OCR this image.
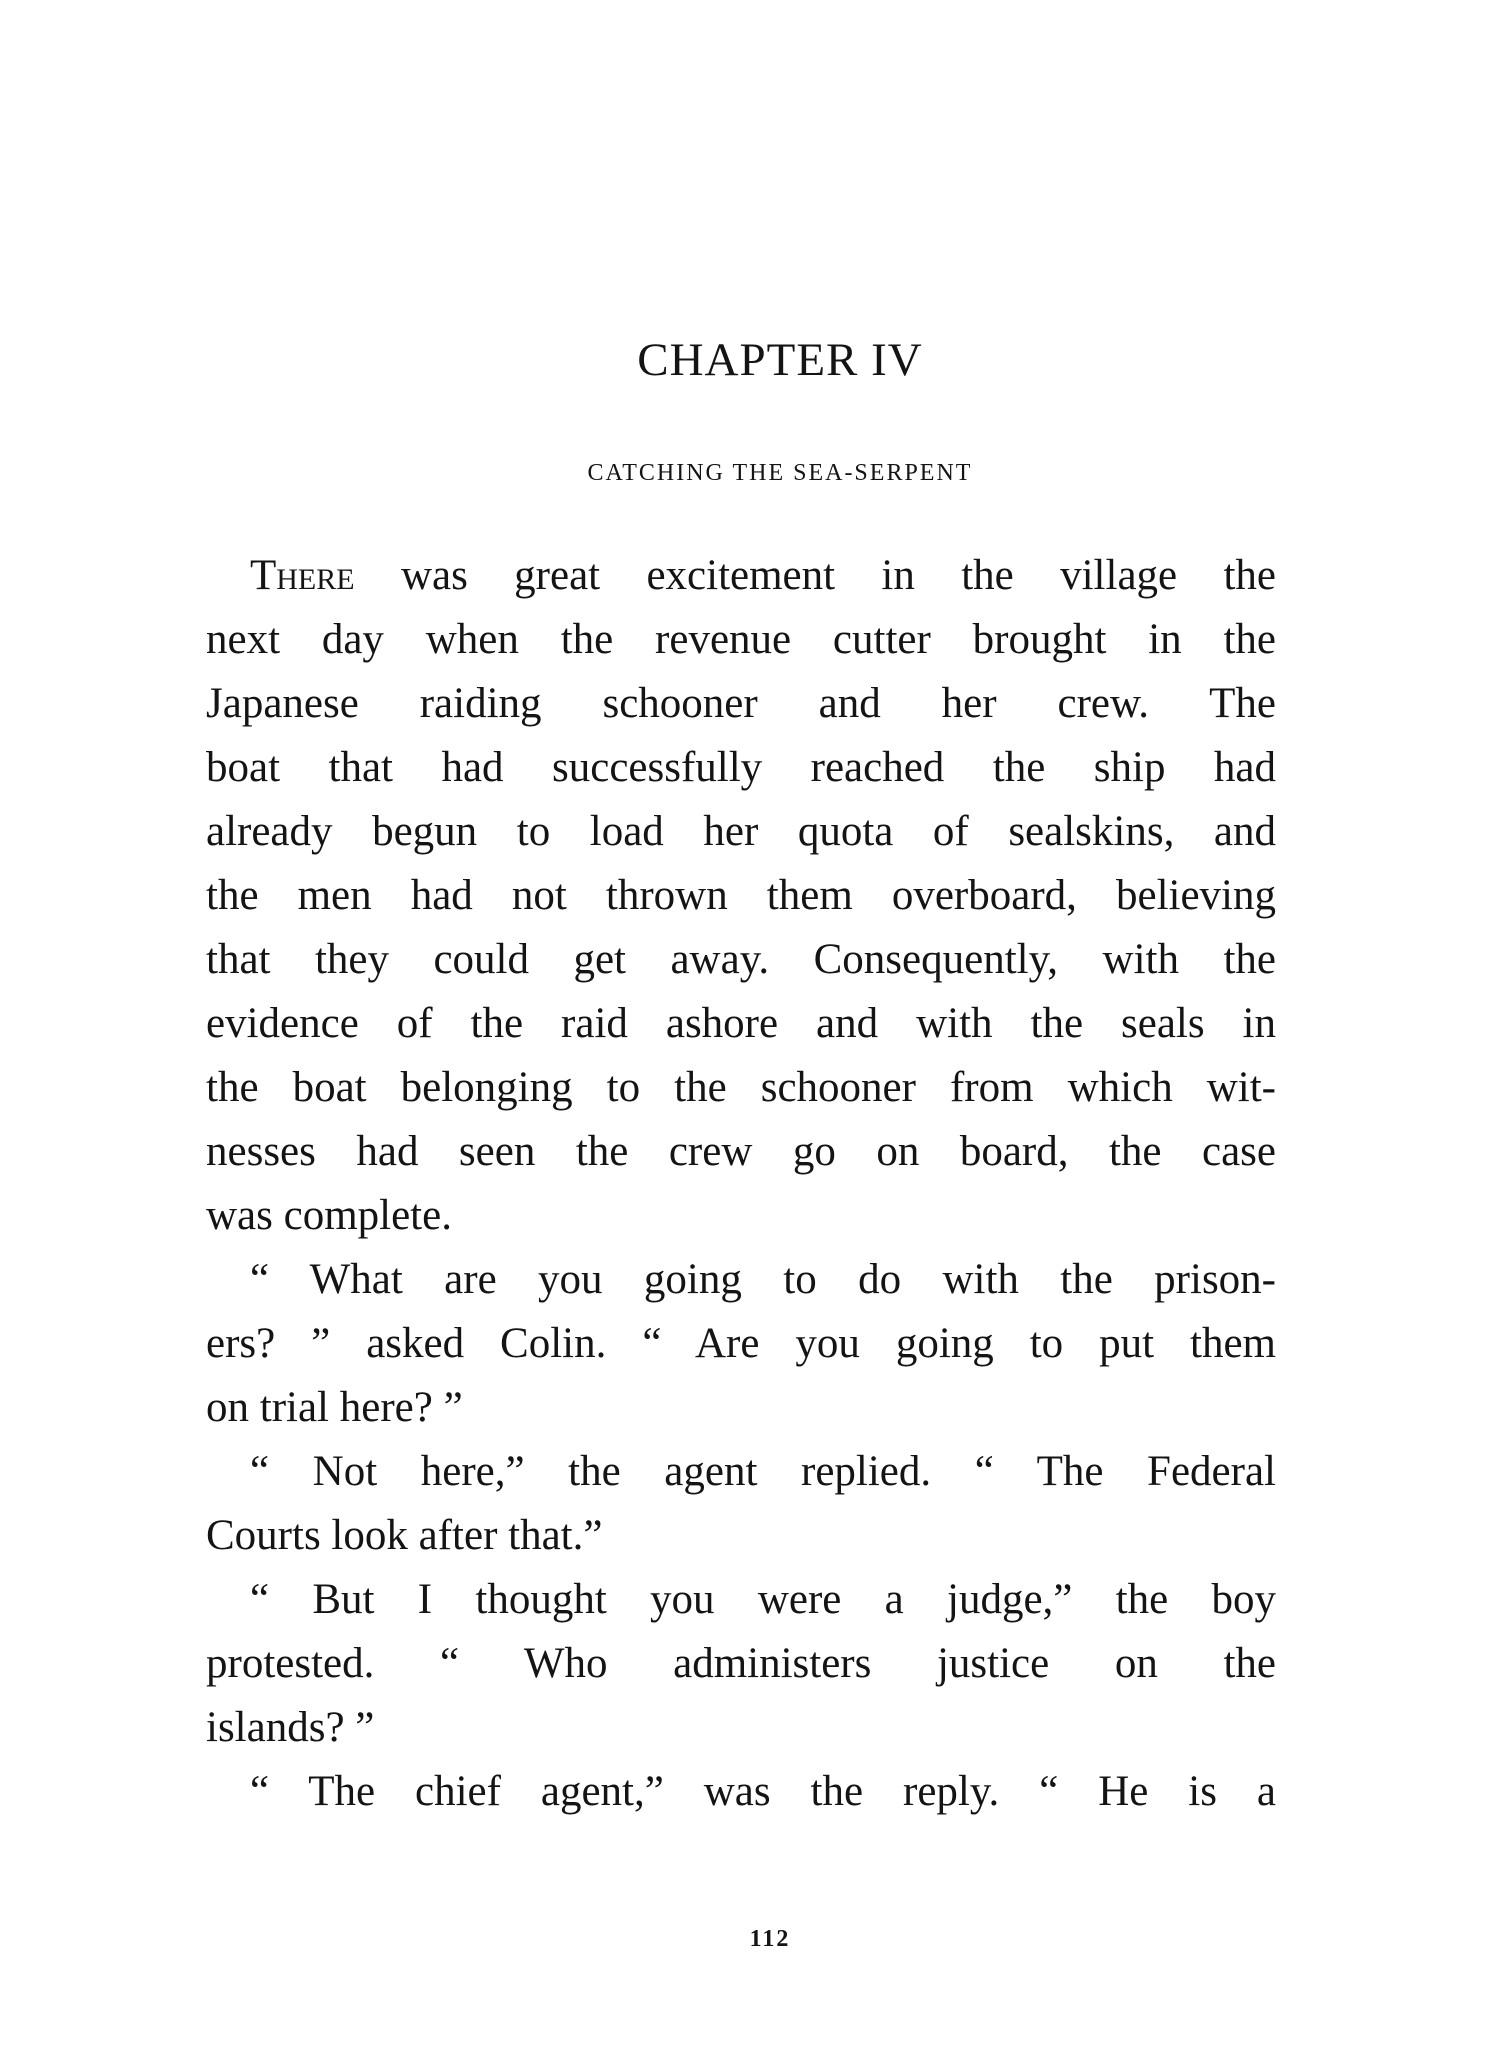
CHAPTER IV
CATCHING THE SEA-SERPENT
There was great excitement in the village the
next day when the revenue cutter brought in the
Japanese raiding schooner and her crew. The
boat that had successfully reached the ship had
already begun to load her quota of sealskins, and
the men had not thrown them overboard, believing
that they could get away. Consequently, with the
evidence of the raid ashore and with the seals in
the boat belonging to the schooner from which wit-
nesses had seen the crew go on board, the case
was complete.
“ What are you going to do with the prison-
ers? ” asked Colin. “ Are you going to put them
on trial here? ”
“ Not here,” the agent replied. “ The Federal
Courts look after that.”
“ But I thought you were a judge,” the boy
protested. “ Who administers justice on the
islands? ”
“ The chief agent,” was the reply. “ He is a
112
